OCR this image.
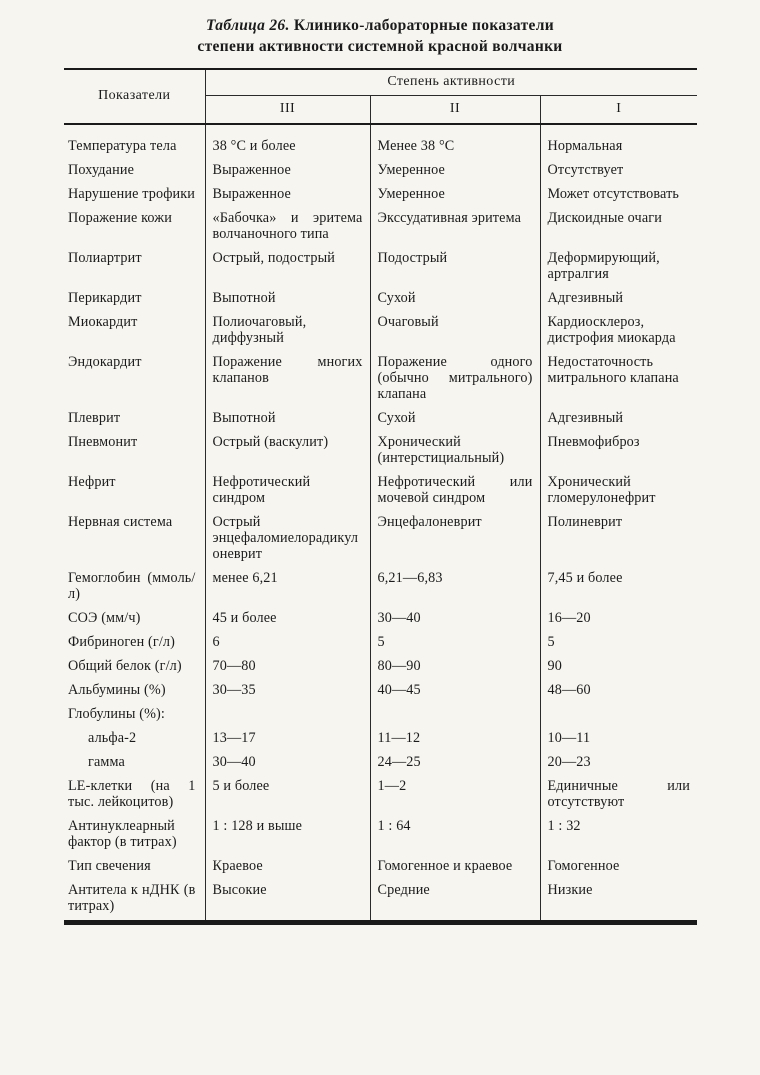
Таблица 26. Клинико-лабораторные показатели
степени активности системной красной волчанки
Показатели	Степень активности		
	III	II	I
Температура тела	38 °С и более	Менее 38 °С	Нормальная
Похудание	Выраженное	Умеренное	Отсутствует
Нарушение трофики	Выраженное	Умеренное	Может отсутствовать
Поражение кожи	«Бабочка» и эритема волчаночного типа	Экссудативная эритема	Дискоидные очаги
Полиартрит	Острый, подострый	Подострый	Деформирующий, артралгия
Перикардит	Выпотной	Сухой	Адгезивный
Миокардит	Полиочаговый, диффузный	Очаговый	Кардиосклероз, дистрофия миокарда
Эндокардит	Поражение многих клапанов	Поражение одного (обычно митрального) клапана	Недостаточность митрального клапана
Плеврит	Выпотной	Сухой	Адгезивный
Пневмонит	Острый (васкулит)	Хронический (интерстициальный)	Пневмофиброз
Нефрит	Нефротический синдром	Нефротический или мочевой синдром	Хронический гломерулонефрит
Нервная система	Острый энцефаломиелорадикулоневрит	Энцефалоневрит	Полиневрит
Гемоглобин (ммоль/л)	менее 6,21	6,21—6,83	7,45 и более
СОЭ (мм/ч)	45 и более	30—40	16—20
Фибриноген (г/л)	6	5	5
Общий белок (г/л)	70—80	80—90	90
Альбумины (%)	30—35	40—45	48—60
Глобулины (%):			
альфа-2	13—17	11—12	10—11
гамма	30—40	24—25	20—23
LE-клетки (на 1 тыс. лейкоцитов)	5 и более	1—2	Единичные или отсутствуют
Антинуклеарный фактор (в титрах)	1 : 128 и выше	1 : 64	1 : 32
Тип свечения	Краевое	Гомогенное и краевое	Гомогенное
Антитела к нДНК (в титрах)	Высокие	Средние	Низкие
